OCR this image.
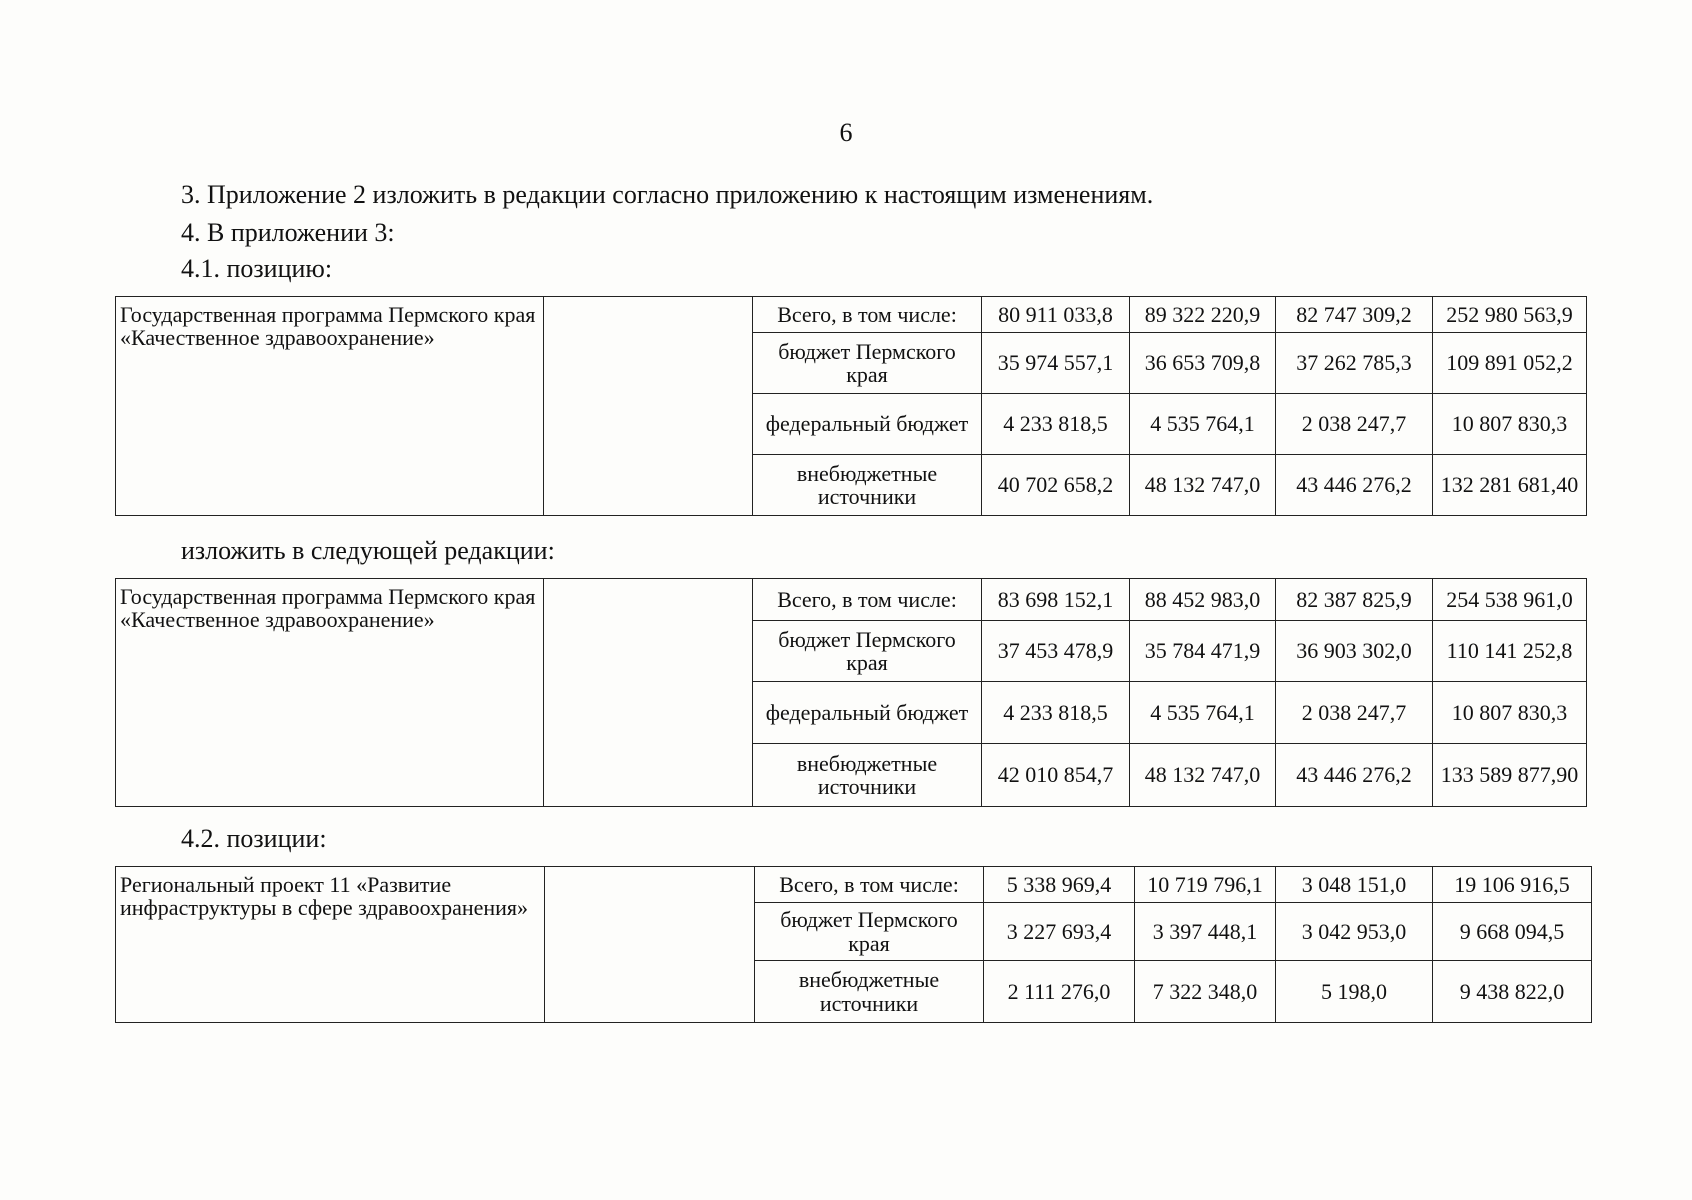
6
3. Приложение 2 изложить в редакции согласно приложению к настоящим изменениям.
4. В приложении 3:
4.1. позицию:
Государственная программа Пермского края «Качественное здравоохранение»		Всего, в том числе:	80 911 033,8	89 322 220,9	82 747 309,2	252 980 563,9
		бюджет Пермского края	35 974 557,1	36 653 709,8	37 262 785,3	109 891 052,2
		федеральный бюджет	4 233 818,5	4 535 764,1	2 038 247,7	10 807 830,3
		внебюджетные источники	40 702 658,2	48 132 747,0	43 446 276,2	132 281 681,40
изложить в следующей редакции:
Государственная программа Пермского края «Качественное здравоохранение»		Всего, в том числе:	83 698 152,1	88 452 983,0	82 387 825,9	254 538 961,0
		бюджет Пермского края	37 453 478,9	35 784 471,9	36 903 302,0	110 141 252,8
		федеральный бюджет	4 233 818,5	4 535 764,1	2 038 247,7	10 807 830,3
		внебюджетные источники	42 010 854,7	48 132 747,0	43 446 276,2	133 589 877,90
4.2. позиции:
Региональный проект 11 «Развитие инфраструктуры в сфере здравоохранения»		Всего, в том числе:	5 338 969,4	10 719 796,1	3 048 151,0	19 106 916,5
		бюджет Пермского края	3 227 693,4	3 397 448,1	3 042 953,0	9 668 094,5
		внебюджетные источники	2 111 276,0	7 322 348,0	5 198,0	9 438 822,0
